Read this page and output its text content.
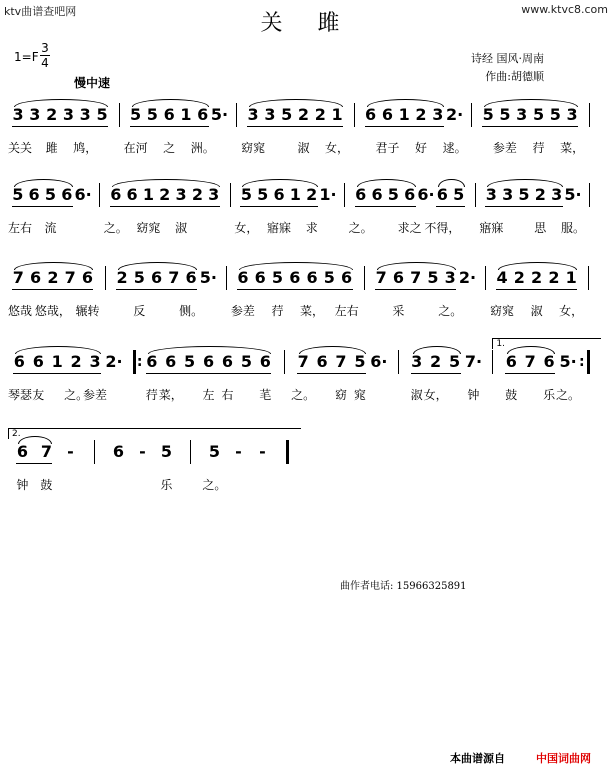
ktv曲谱查吧网	www.ktvc8.com
关 雎
1=F
3
4
慢中速
诗经 国风·周南
作曲:胡德顺
3 3 2 3 3 5 5 5 6 1 6 5· 3 3 5 2 2 1 6 6 1 2 3 2· 5 5 3 5 5 3
关关 雎 鸠， 在河 之 洲。 窈窕	淑 女， 君子 好 逑。 参差 荇 菜，
5 6 5 6 6· 6 6 1 2 3 2 3 5 5 6 1 2 1· 6 6 5 6 6· 6 5 3 3 5 2 3 5·
左右 流	之。 窈窕 淑	女， 寤寐 求	之。 求之 不得， 寤寐	思 服。
7 6 2 7 6 2 5 6 7 6 5· 6 6 5 6 6 5 6 7 6 7 5 3 2· 4 2 2 2 1
悠哉 悠哉， 辗转	反	侧。 参差 荇 菜， 左右	采	之。 窈窕 淑 女，
6 6 1 2 3 2· : 6 6 5 6 6 5 6 7 6 7 5 6· 3 2 5 7· 6 7 6 5· :
1.
琴瑟 友 之。
参差	荇 菜， 左 右 芼 之。 窈 窕	淑 女， 钟 鼓 乐 之。
6 7 - 6 - 5 5 - -
2.
钟 鼓	乐 之。
曲作者电话: 15966325891
本曲谱源自	中国词曲网
